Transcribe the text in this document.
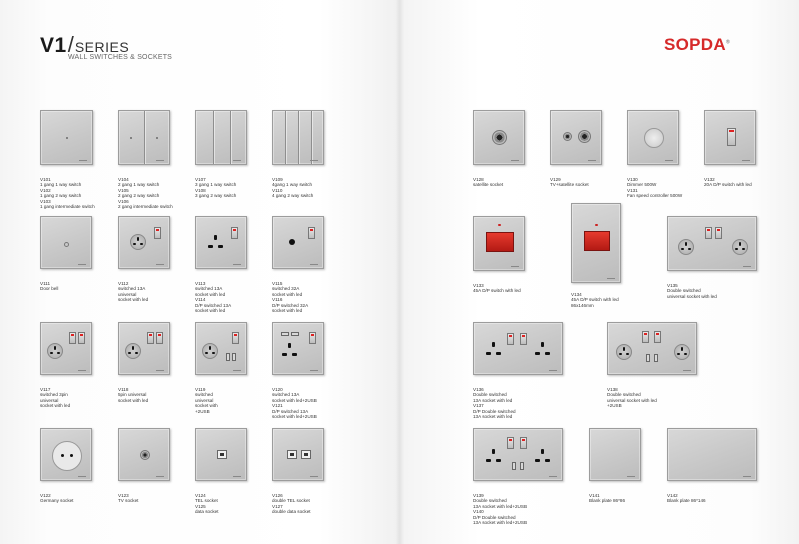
V1/SERIES
WALL SWITCHES & SOCKETS
SOPDA®
V101
1 gang 1 way switch
V102
1 gang 2 way switch
V103
1 gang intermediate switch
V104
2 gang 1 way switch
V105
2 gang 2 way switch
V106
2 gang intermediate switch
V107
3 gang 1 way switch
V108
3 gang 2 way switch
V109
4gang 1 way switch
V110
4 gang 2 way switch
V111
Door bell
V112
switched 13A
universal
socket with led
V113
switched 13A
socket with led
V114
D/P switched 13A
socket with led
V115
switched 32A
socket with led
V116
D/P switched 32A
socket with led
V117
switched 3pin
universal
socket with led
V118
5pin universal
socket with led
V119
switched
universal
socket with
+2USB
V120
switched 13A
socket with led+2USB
V121
D/P switched 13A
socket with led+2USB
V122
Germany socket
V123
TV socket
V124
TEL socket
V125
data socket
V126
double TEL socket
V127
double data socket
V128
satellite socket
V129
TV+satellite socket
V130
Dimmer 500W
V131
Fan speed controller 500W
V132
20A D/P switch with led
V133
45A D/P switch with led
V134
45A D/P switch with led
86x146mm
V135
Double switched
universal socket with led
V136
Double switched
13A socket with led
V137
D/P Double switched
13A socket with led
V138
Double switched
universal socket with led
+2USB
V139
Double switched
13A socket with led+2USB
V140
D/P Double switched
13A socket with led+2USB
V141
Blank plate 86*86
V142
Blank plate 86*146
